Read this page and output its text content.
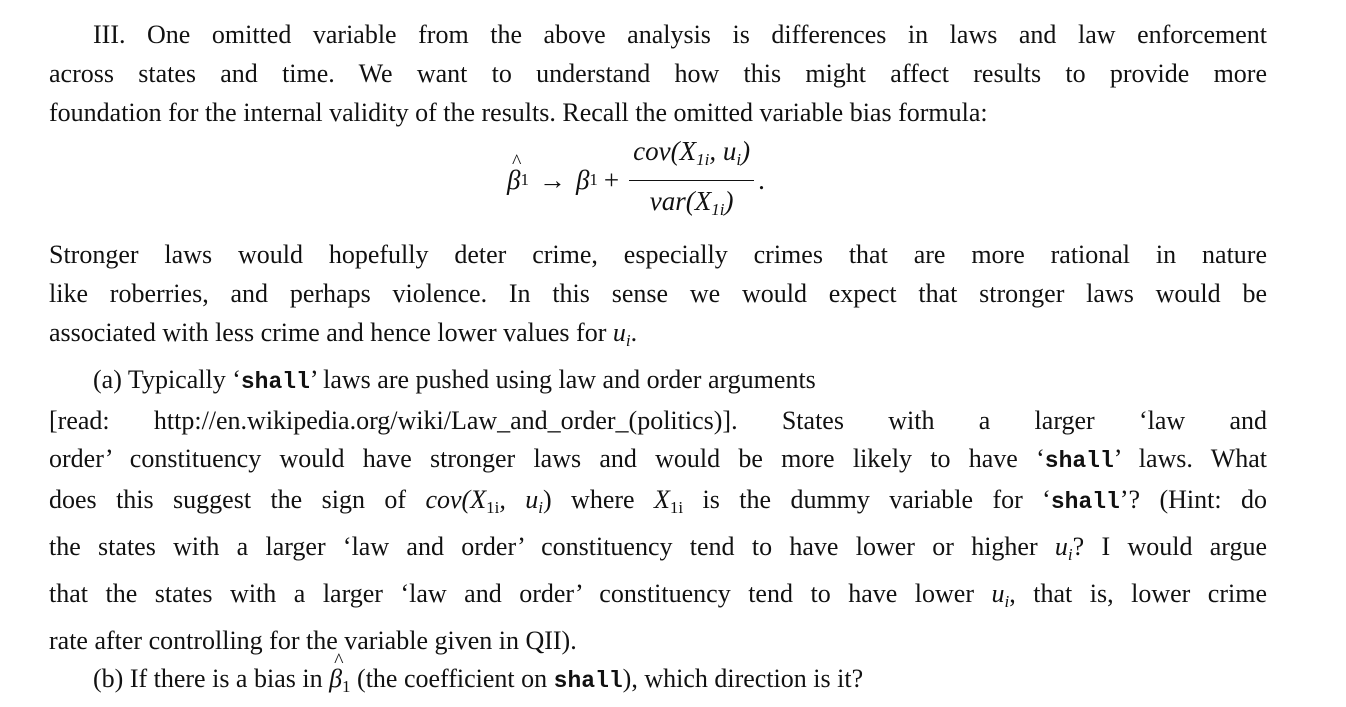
III. One omitted variable from the above analysis is differences in laws and law enforcement
across states and time. We want to understand how this might affect results to provide more
foundation for the internal validity of the results. Recall the omitted variable bias formula:
^ β 1 → β $1 + \frac{cov(X_{1i}, u_i)}{var(X_{1i})}$ .
Stronger laws would hopefully deter crime, especially crimes that are more rational in nature
like roberries, and perhaps violence. In this sense we would expect that stronger laws would be
associated with less crime and hence lower values for $u_i$.
(a) Typically ‘shall’ laws are pushed using law and order arguments
[read: http://en.wikipedia.org/wiki/Law_and_order_(politics)]. States with a larger ‘law and
order’ constituency would have stronger laws and would be more likely to have ‘shall’ laws. What
does this suggest the sign of $cov(X_{1i}$, $u_i$) where $X_{1i}$ is the dummy variable for ‘shall’? (Hint: do
the states with a larger ‘law and order’ constituency tend to have lower or higher $u_i$? I would argue
that the states with a larger ‘law and order’ constituency tend to have lower $u_i$, that is, lower crime
rate after controlling for the variable given in QII).
(b) If there is a bias in ^ $\beta_1$ (the coefficient on shall), which direction is it?
